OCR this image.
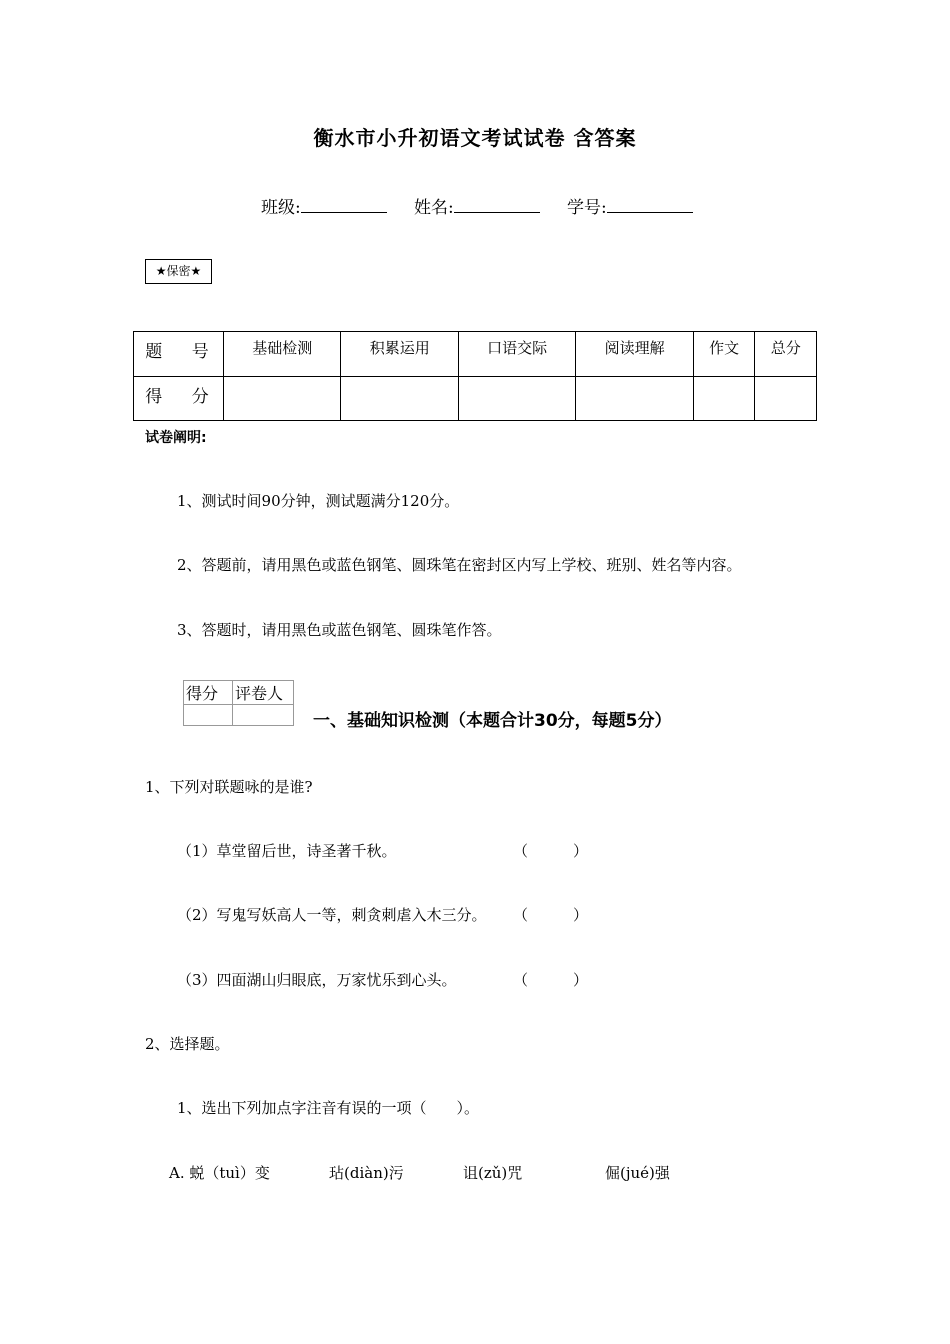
衡水市小升初语文考试试卷 含答案
班级:	姓名:	学号:
★保密★
题 号	基础检测	积累运用	口语交际	阅读理解	作文	总分
得 分						
试卷阐明:
1、测试时间90分钟，测试题满分120分。
2、答题前，请用黑色或蓝色钢笔、圆珠笔在密封区内写上学校、班别、姓名等内容。
3、答题时，请用黑色或蓝色钢笔、圆珠笔作答。
得分	评卷人

一、基础知识检测（本题合计30分，每题5分）
1、下列对联题咏的是谁?
（1）草堂留后世，诗圣著千秋。	（　　　）
（2）写鬼写妖高人一等，刺贪刺虐入木三分。 （　　　）
（3）四面湖山归眼底，万家忧乐到心头。	（　　　）
2、选择题。
1、选出下列加点字注音有误的一项（　　）。
A. 蜕（tuì）变	玷(diàn)污	诅(zǔ)咒	倔(jué)强
